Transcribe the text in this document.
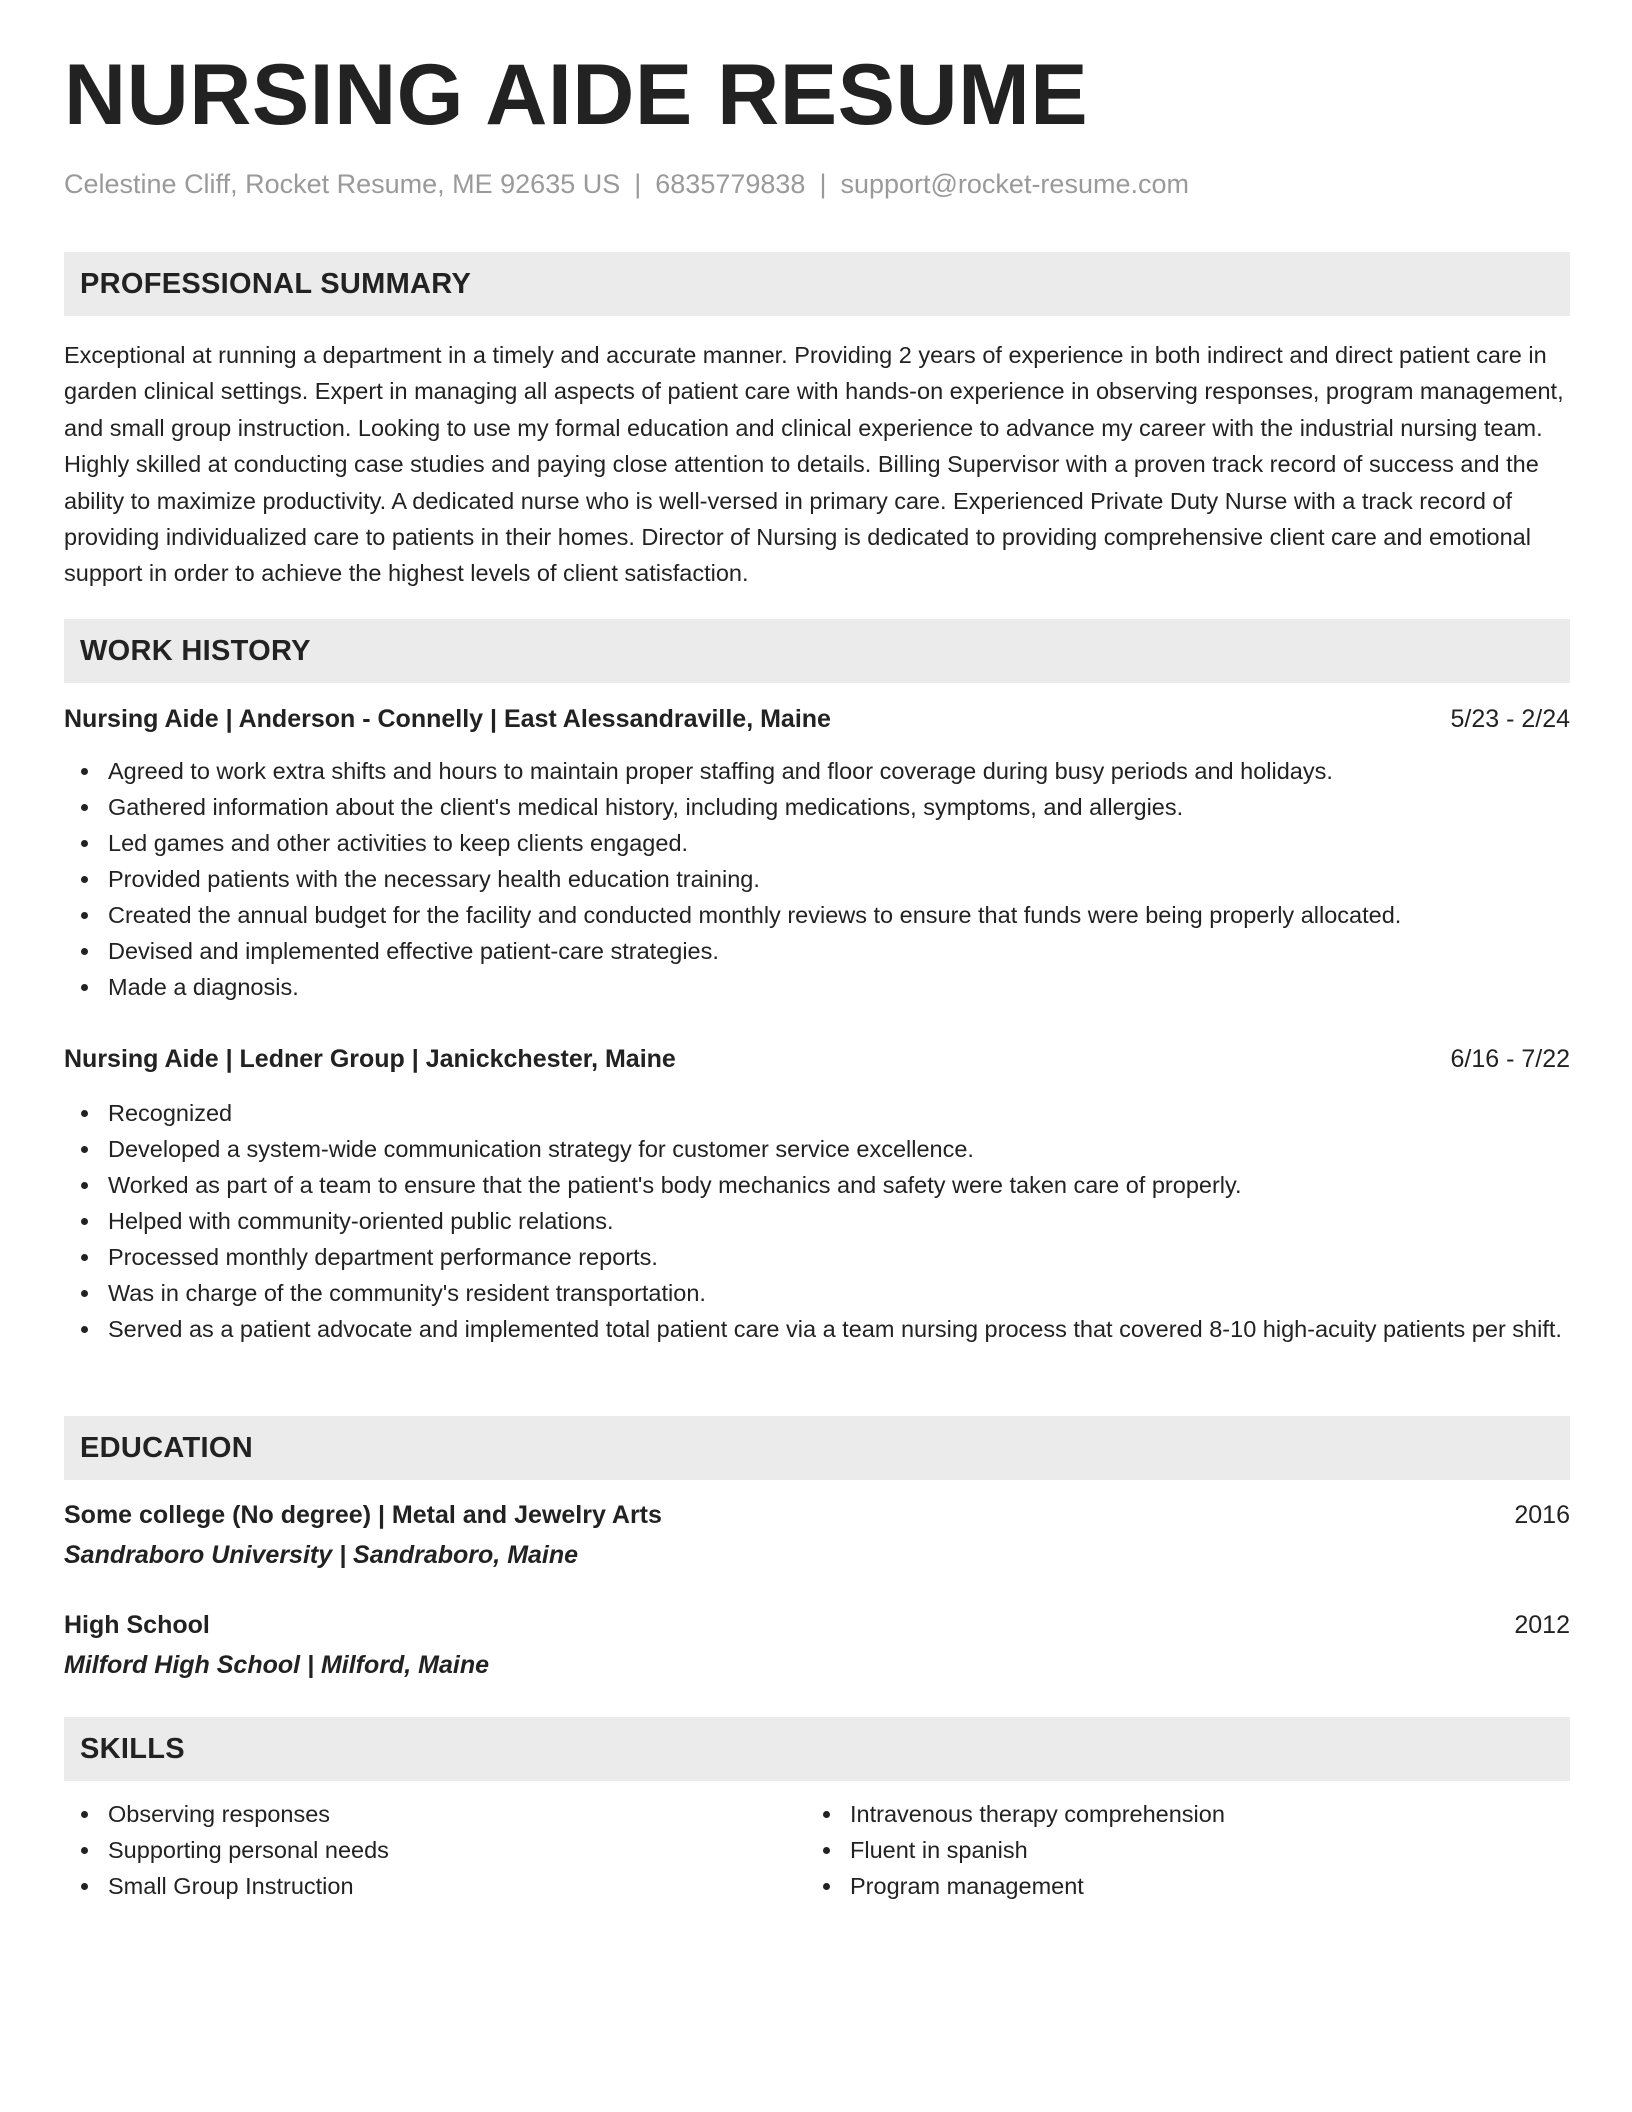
NURSING AIDE RESUME
Celestine Cliff, Rocket Resume, ME 92635 US | 6835779838 | support@rocket-resume.com
PROFESSIONAL SUMMARY

Exceptional at running a department in a timely and accurate manner. Providing 2 years of experience in both indirect and direct patient care in garden clinical settings. Expert in managing all aspects of patient care with hands-on experience in observing responses, program management, and small group instruction. Looking to use my formal education and clinical experience to advance my career with the industrial nursing team. Highly skilled at conducting case studies and paying close attention to details. Billing Supervisor with a proven track record of success and the ability to maximize productivity. A dedicated nurse who is well-versed in primary care. Experienced Private Duty Nurse with a track record of providing individualized care to patients in their homes. Director of Nursing is dedicated to providing comprehensive client care and emotional support in order to achieve the highest levels of client satisfaction.

WORK HISTORY
Nursing Aide | Anderson - Connelly | East Alessandraville, Maine	5/23 - 2/24
Agreed to work extra shifts and hours to maintain proper staffing and floor coverage during busy periods and holidays.
Gathered information about the client's medical history, including medications, symptoms, and allergies.
Led games and other activities to keep clients engaged.
Provided patients with the necessary health education training.
Created the annual budget for the facility and conducted monthly reviews to ensure that funds were being properly allocated.
Devised and implemented effective patient-care strategies.
Made a diagnosis.
Nursing Aide | Ledner Group | Janickchester, Maine	6/16 - 7/22
Recognized
Developed a system-wide communication strategy for customer service excellence.
Worked as part of a team to ensure that the patient's body mechanics and safety were taken care of properly.
Helped with community-oriented public relations.
Processed monthly department performance reports.
Was in charge of the community's resident transportation.
Served as a patient advocate and implemented total patient care via a team nursing process that covered 8-10 high-acuity patients per shift.
EDUCATION
Some college (No degree) | Metal and Jewelry Arts	2016
Sandraboro University | Sandraboro, Maine
High School	2012
Milford High School | Milford, Maine
SKILLS
Observing responses
Supporting personal needs
Small Group Instruction
Intravenous therapy comprehension
Fluent in spanish
Program management
